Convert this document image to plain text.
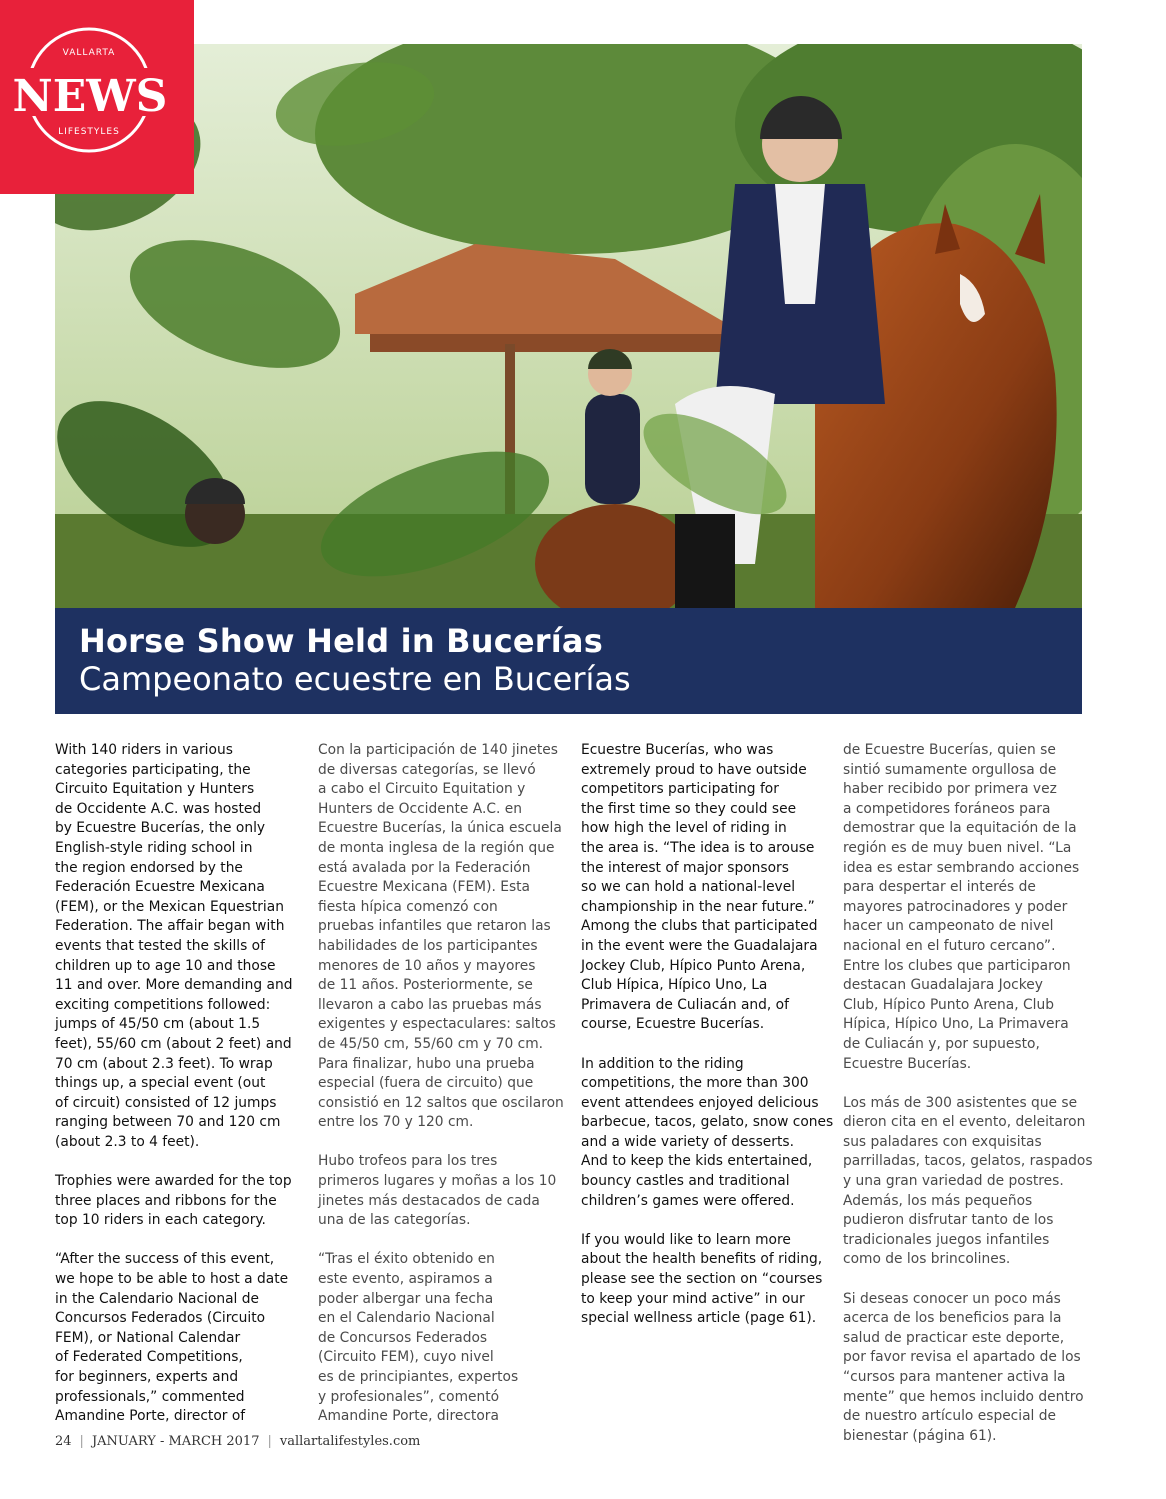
NEWS
VALLARTA
LIFESTYLES
Horse Show Held in Bucerías
Campeonato ecuestre en Bucerías

With 140 riders in various
categories participating, the
Circuito Equitation y Hunters
de Occidente A.C. was hosted
by Ecuestre Bucerías, the only
English-style riding school in
the region endorsed by the
Federación Ecuestre Mexicana
(FEM), or the Mexican Equestrian
Federation. The affair began with
events that tested the skills of
children up to age 10 and those
11 and over. More demanding and
exciting competitions followed:
jumps of 45/50 cm (about 1.5
feet), 55/60 cm (about 2 feet) and
70 cm (about 2.3 feet). To wrap
things up, a special event (out
of circuit) consisted of 12 jumps
ranging between 70 and 120 cm
(about 2.3 to 4 feet).

Trophies were awarded for the top
three places and ribbons for the
top 10 riders in each category.

“After the success of this event,
we hope to be able to host a date
in the Calendario Nacional de
Concursos Federados (Circuito
FEM), or National Calendar
of Federated Competitions,
for beginners, experts and
professionals,” commented
Amandine Porte, director of

Con la participación de 140 jinetes
de diversas categorías, se llevó
a cabo el Circuito Equitation y
Hunters de Occidente A.C. en
Ecuestre Bucerías, la única escuela
de monta inglesa de la región que
está avalada por la Federación
Ecuestre Mexicana (FEM). Esta
fiesta hípica comenzó con
pruebas infantiles que retaron las
habilidades de los participantes
menores de 10 años y mayores
de 11 años. Posteriormente, se
llevaron a cabo las pruebas más
exigentes y espectaculares: saltos
de 45/50 cm, 55/60 cm y 70 cm.
Para finalizar, hubo una prueba
especial (fuera de circuito) que
consistió en 12 saltos que oscilaron
entre los 70 y 120 cm.

Hubo trofeos para los tres
primeros lugares y moñas a los 10
jinetes más destacados de cada
una de las categorías.

“Tras el éxito obtenido en
este evento, aspiramos a
poder albergar una fecha
en el Calendario Nacional
de Concursos Federados
(Circuito FEM), cuyo nivel
es de principiantes, expertos
y profesionales”, comentó
Amandine Porte, directora

Ecuestre Bucerías, who was
extremely proud to have outside
competitors participating for
the first time so they could see
how high the level of riding in
the area is. “The idea is to arouse
the interest of major sponsors
so we can hold a national-level
championship in the near future.”
Among the clubs that participated
in the event were the Guadalajara
Jockey Club, Hípico Punto Arena,
Club Hípica, Hípico Uno, La
Primavera de Culiacán and, of
course, Ecuestre Bucerías.

In addition to the riding
competitions, the more than 300
event attendees enjoyed delicious
barbecue, tacos, gelato, snow cones
and a wide variety of desserts.
And to keep the kids entertained,
bouncy castles and traditional
children’s games were offered.

If you would like to learn more
about the health benefits of riding,
please see the section on “courses
to keep your mind active” in our
special wellness article (page 61).

de Ecuestre Bucerías, quien se
sintió sumamente orgullosa de
haber recibido por primera vez
a competidores foráneos para
demostrar que la equitación de la
región es de muy buen nivel. “La
idea es estar sembrando acciones
para despertar el interés de
mayores patrocinadores y poder
hacer un campeonato de nivel
nacional en el futuro cercano”.
Entre los clubes que participaron
destacan Guadalajara Jockey
Club, Hípico Punto Arena, Club
Hípica, Hípico Uno, La Primavera
de Culiacán y, por supuesto,
Ecuestre Bucerías.

Los más de 300 asistentes que se
dieron cita en el evento, deleitaron
sus paladares con exquisitas
parrilladas, tacos, gelatos, raspados
y una gran variedad de postres.
Además, los más pequeños
pudieron disfrutar tanto de los
tradicionales juegos infantiles
como de los brincolines.

Si deseas conocer un poco más
acerca de los beneficios para la
salud de practicar este deporte,
por favor revisa el apartado de los
“cursos para mantener activa la
mente” que hemos incluido dentro
de nuestro artículo especial de
bienestar (página 61).

24 | JANUARY - MARCH 2017 | vallartalifestyles.com
